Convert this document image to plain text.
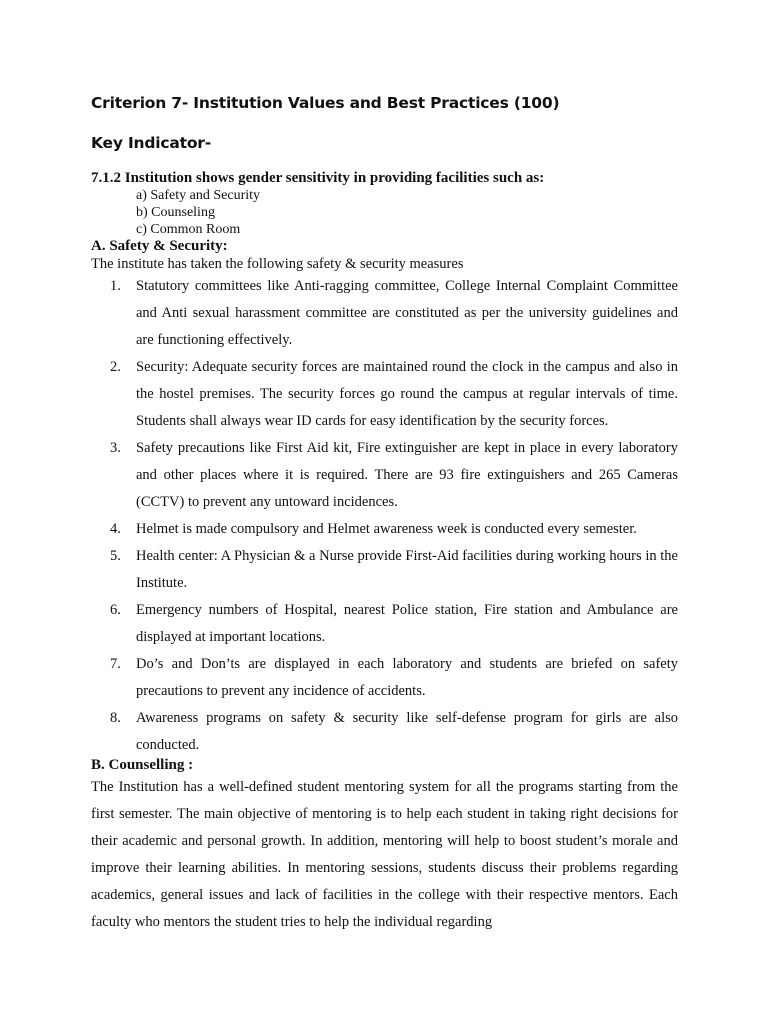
Criterion 7- Institution Values and Best Practices (100)
Key Indicator-
7.1.2 Institution shows gender sensitivity in providing facilities such as:
a) Safety and Security
b) Counseling
c) Common Room
A. Safety & Security:
The institute has taken the following safety & security measures
1. Statutory committees like Anti-ragging committee, College Internal Complaint Committee and Anti sexual harassment committee are constituted as per the university guidelines and are functioning effectively.
2. Security: Adequate security forces are maintained round the clock in the campus and also in the hostel premises. The security forces go round the campus at regular intervals of time. Students shall always wear ID cards for easy identification by the security forces.
3. Safety precautions like First Aid kit, Fire extinguisher are kept in place in every laboratory and other places where it is required. There are 93 fire extinguishers and 265 Cameras (CCTV) to prevent any untoward incidences.
4. Helmet is made compulsory and Helmet awareness week is conducted every semester.
5. Health center: A Physician & a Nurse provide First-Aid facilities during working hours in the Institute.
6. Emergency numbers of Hospital, nearest Police station, Fire station and Ambulance are displayed at important locations.
7. Do’s and Don’ts are displayed in each laboratory and students are briefed on safety precautions to prevent any incidence of accidents.
8. Awareness programs on safety & security like self-defense program for girls are also conducted.
B. Counselling :

The Institution has a well-defined student mentoring system for all the programs starting from the first semester. The main objective of mentoring is to help each student in taking right decisions for their academic and personal growth. In addition, mentoring will help to boost student’s morale and improve their learning abilities. In mentoring sessions, students discuss their problems regarding academics, general issues and lack of facilities in the college with their respective mentors. Each faculty who mentors the student tries to help the individual regarding
